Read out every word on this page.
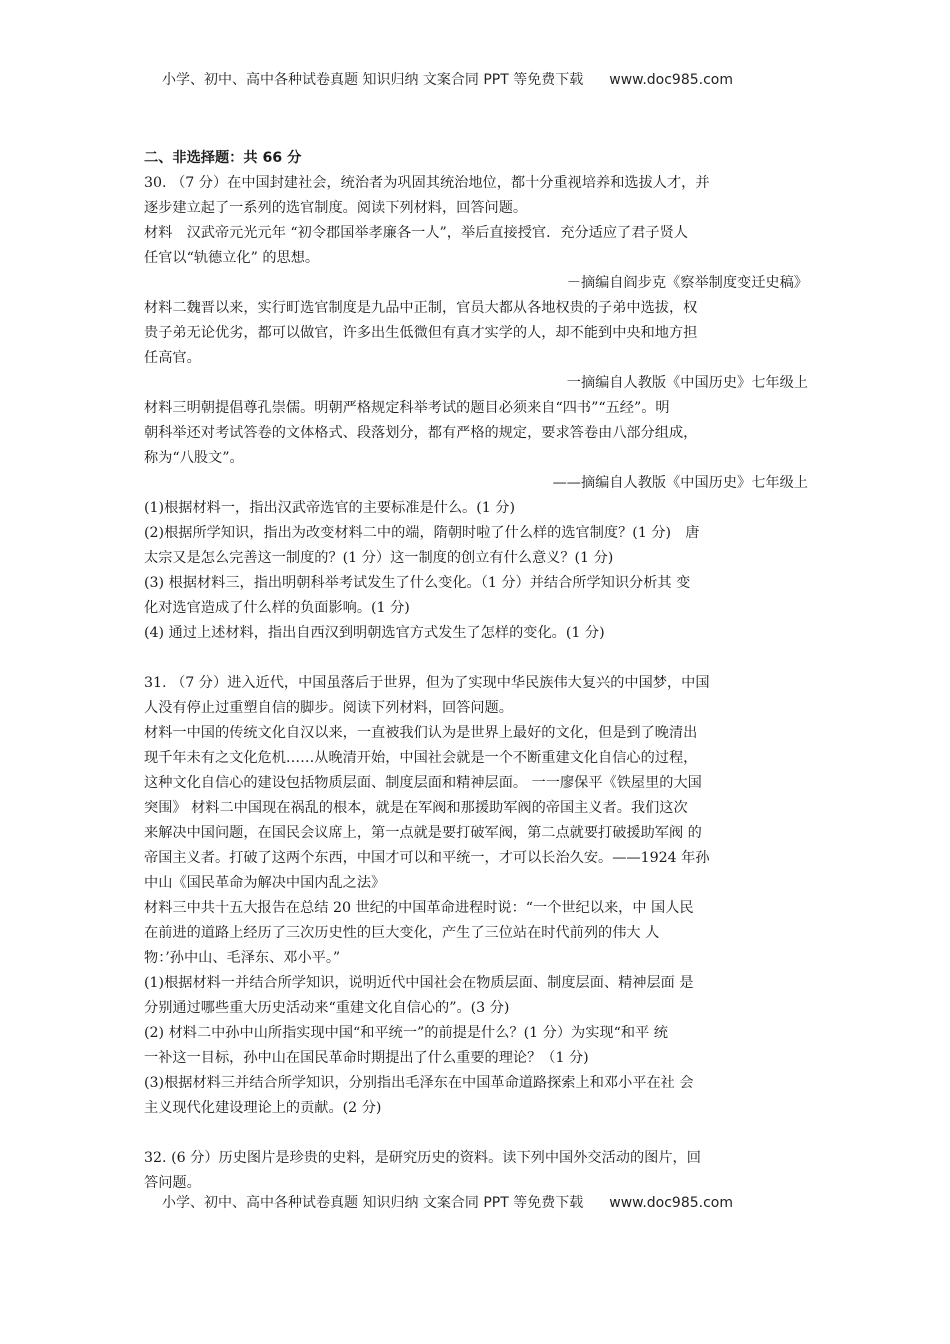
小学、初中、高中各种试卷真题 知识归纳 文案合同 PPT 等免费下载 www.doc985.com
二、非选择题：共 66 分
30. （7 分）在中国封建社会，统治者为巩固其统治地位，都十分重视培养和选拔人才，并
逐步建立起了一系列的选官制度。阅读下列材料，回答问题。
材料　汉武帝元光元年 “初令郡国举孝廉各一人”，举后直接授官．充分适应了君子贤人
任官以“轨德立化” 的思想。
－摘编自阎步克《察举制度变迁史稿》
材料二魏晋以来，实行町选官制度是九品中正制，官员大都从各地权贵的子弟中选拔，权
贵子弟无论优劣，都可以做官，许多出生低微但有真才实学的人，却不能到中央和地方担
任高官。
一摘编自人教版《中国历史》七年级上
材料三明朝提倡尊孔崇儒。明朝严格规定科举考试的题目必须来自“四书”“五经”。明
朝科举还对考试答卷的文体格式、段落划分，都有严格的规定，要求答卷由八部分组成，
称为“八股文”。
——摘编自人教版《中国历史》七年级上
(1)根据材料一，指出汉武帝选官的主要标准是什么。(1 分)
(2)根据所学知识，指出为改变材料二中的端，隋朝时啦了什么样的选官制度？(1 分)　唐
太宗又是怎么完善这一制度的？(1 分）这一制度的创立有什么意义？(1 分)
(3) 根据材料三，指出明朝科举考试发生了什么变化。（1 分）并结合所学知识分析其 变
化对选官造成了什么样的负面影响。(1 分)
(4) 通过上述材料，指出自西汉到明朝选官方式发生了怎样的变化。(1 分)
31. （7 分）进入近代，中国虽落后于世界，但为了实现中华民族伟大复兴的中国梦，中国
人没有停止过重塑自信的脚步。阅读下列材料，回答问题。
材料一中国的传统文化自汉以来，一直被我们认为是世界上最好的文化，但是到了晚清出
现千年未有之文化危机……从晚清开始，中国社会就是一个不断重建文化自信心的过程，
这种文化自信心的建设包括物质层面、制度层面和精神层面。 一一廖保平《铁屋里的大国
突围》 材料二中国现在祸乱的根本，就是在军阀和那援助军阀的帝国主义者。我们这次
来解决中国问题，在国民会议席上，第一点就是要打破军阀，第二点就要打破援助军阀 的
帝国主义者。打破了这两个东西，中国才可以和平统一，才可以长治久安。——1924 年孙
中山《国民革命为解决中国内乱之法》
材料三中共十五大报告在总结 20 世纪的中国革命进程时说：“一个世纪以来，中 国人民
在前进的道路上经历了三次历史性的巨大变化，产生了三位站在时代前列的伟大 人
物：’孙中山、毛泽东、邓小平。”
(1)根据材料一并结合所学知识，说明近代中国社会在物质层面、制度层面、精神层面 是
分别通过哪些重大历史活动来“重建文化自信心的”。(3 分)
(2) 材料二中孙中山所指实现中国“和平统一”的前提是什么？(1 分）为实现“和平 统
一补这一目标，孙中山在国民革命时期提出了什么重要的理论？（1 分)
(3)根据材料三并结合所学知识，分别指出毛泽东在中国革命道路探索上和邓小平在社 会
主义现代化建设理论上的贡献。(2 分)
32. (6 分）历史图片是珍贵的史料，是研究历史的资料。读下列中国外交活动的图片，回
答问题。
小学、初中、高中各种试卷真题 知识归纳 文案合同 PPT 等免费下载 www.doc985.com
